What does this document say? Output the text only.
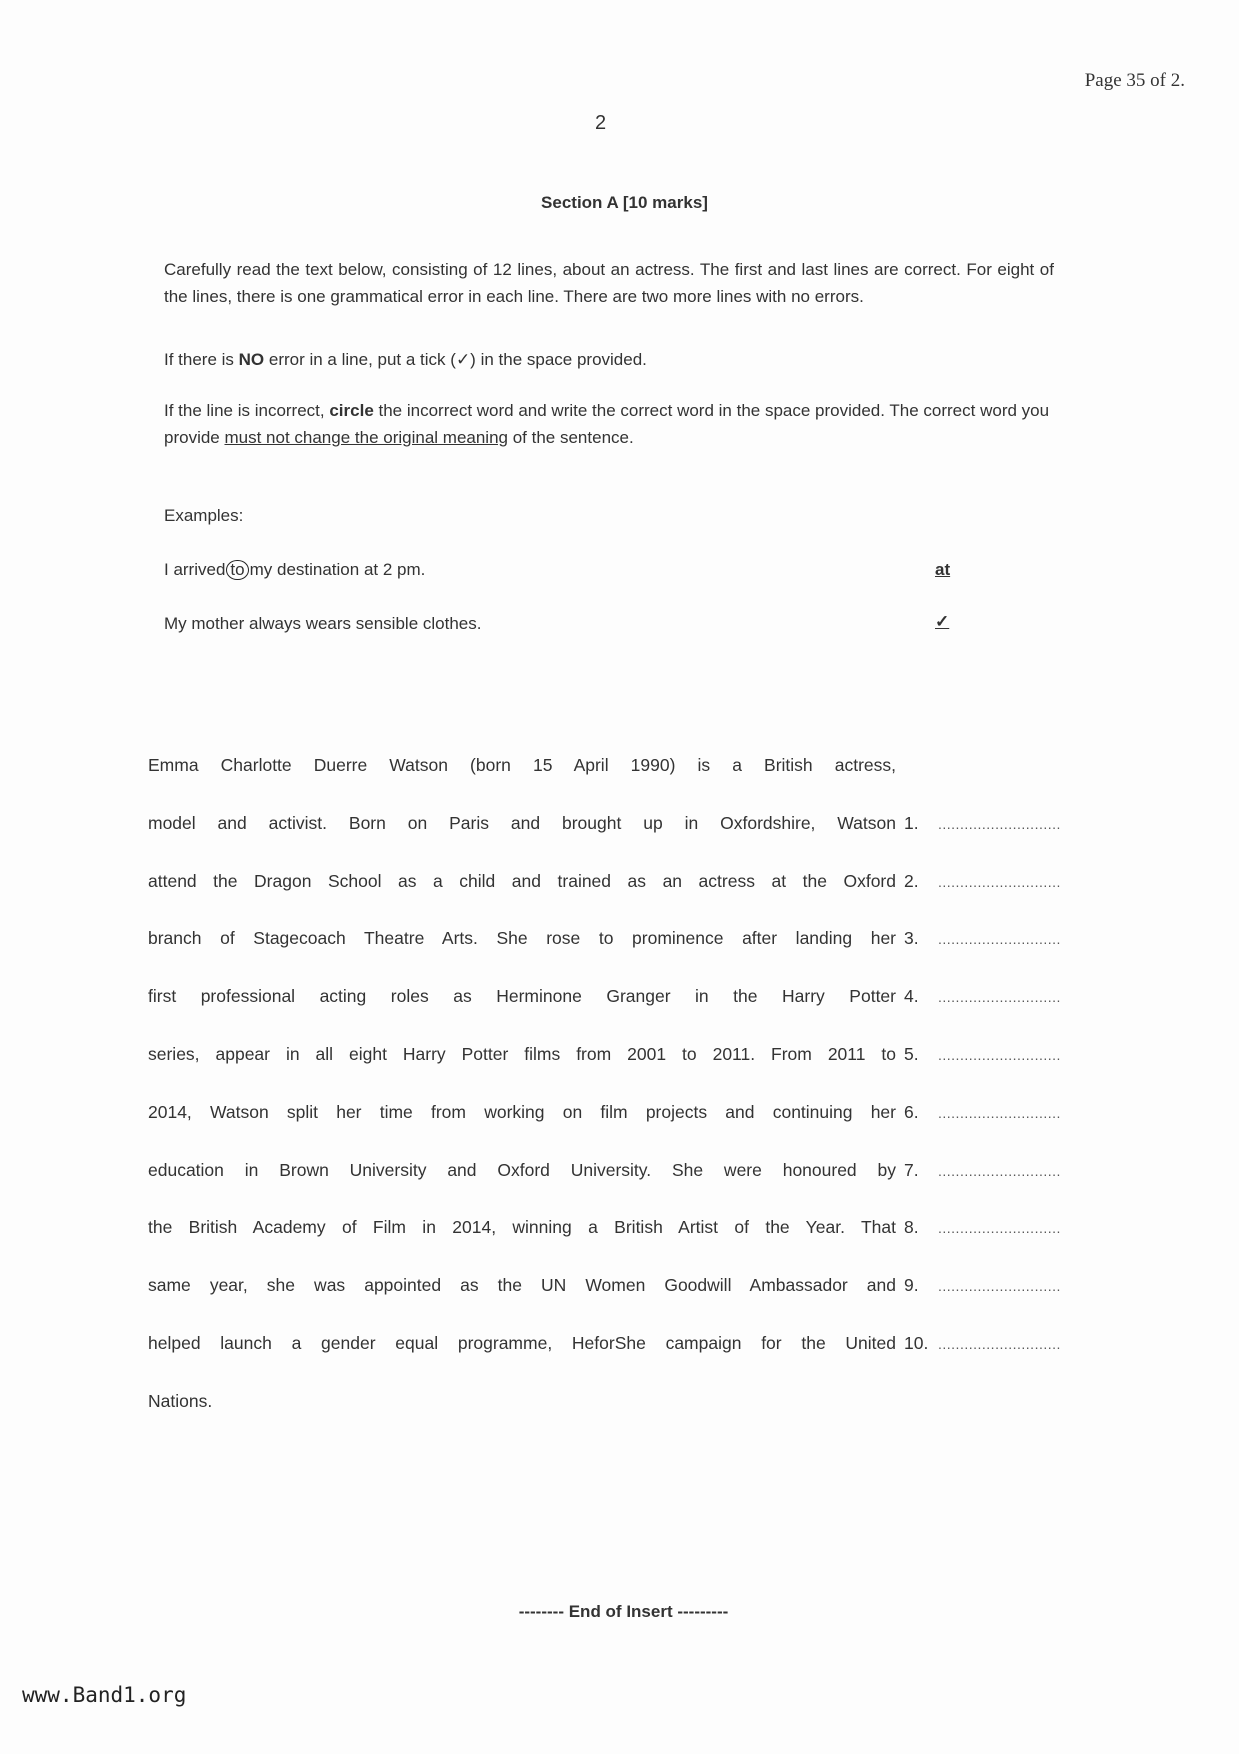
Page 35 of 2.
2
Section A [10 marks]
Carefully read the text below, consisting of 12 lines, about an actress. The first and last lines are correct. For eight of the lines, there is one grammatical error in each line. There are two more lines with no errors.
If there is NO error in a line, put a tick (✓) in the space provided.
If the line is incorrect, circle the incorrect word and write the correct word in the space provided. The correct word you provide must not change the original meaning of the sentence.
Examples:
I arrived to my destination at 2 pm.	at
My mother always wears sensible clothes.	✓
Emma Charlotte Duerre Watson (born 15 April 1990) is a British actress,
model and activist. Born on Paris and brought up in Oxfordshire, Watson 1. ............................
attend the Dragon School as a child and trained as an actress at the Oxford 2. ............................
branch of Stagecoach Theatre Arts. She rose to prominence after landing her 3. ............................
first professional acting roles as Herminone Granger in the Harry Potter 4. ............................
series, appear in all eight Harry Potter films from 2001 to 2011. From 2011 to 5. ............................
2014, Watson split her time from working on film projects and continuing her 6. ............................
education in Brown University and Oxford University. She were honoured by 7. ............................
the British Academy of Film in 2014, winning a British Artist of the Year. That 8. ............................
same year, she was appointed as the UN Women Goodwill Ambassador and 9. ............................
helped launch a gender equal programme, HeforShe campaign for the United 10. ............................
Nations.
-------- End of Insert ---------
www.Band1.org
